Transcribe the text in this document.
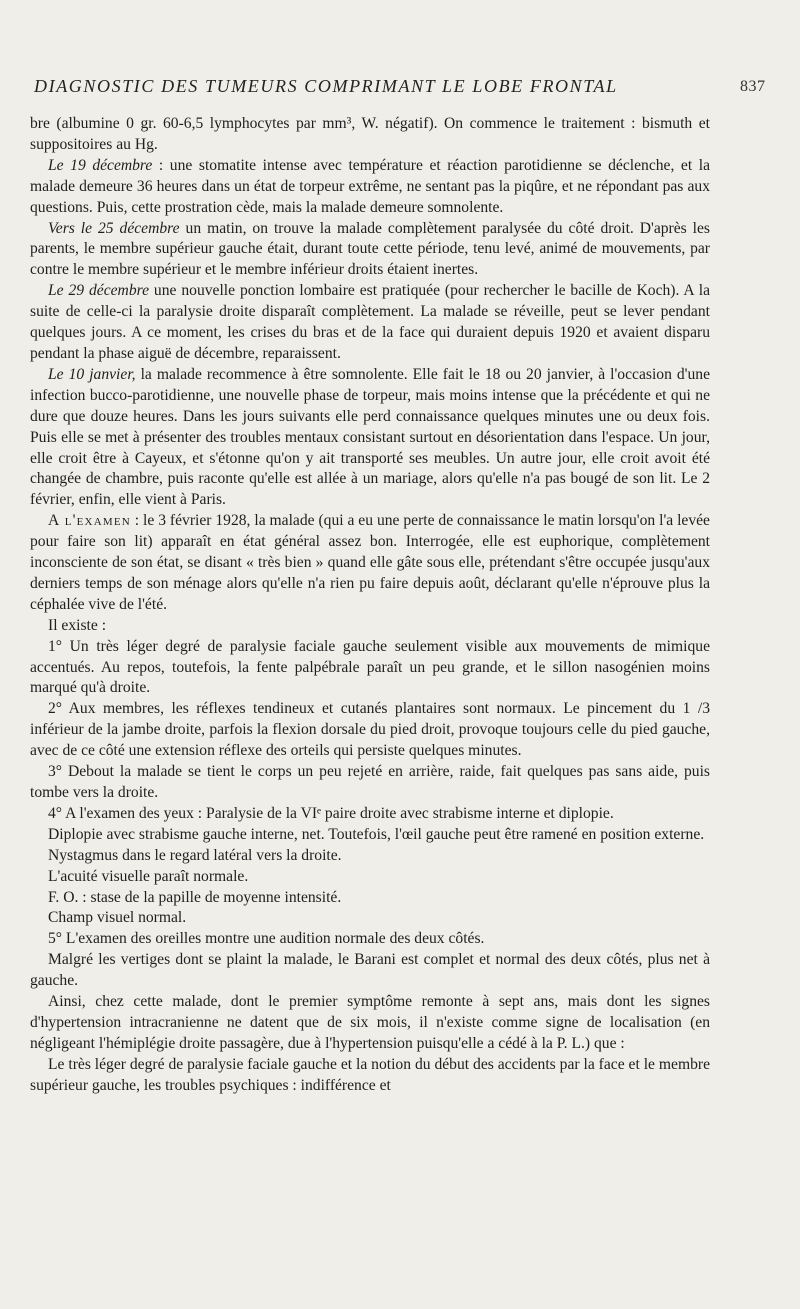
DIAGNOSTIC DES TUMEURS COMPRIMANT LE LOBE FRONTAL	837

bre (albumine 0 gr. 60-6,5 lymphocytes par mm³, W. négatif). On commence le traitement : bismuth et suppositoires au Hg.

Le 19 décembre : une stomatite intense avec température et réaction parotidienne se déclenche, et la malade demeure 36 heures dans un état de torpeur extrême, ne sentant pas la piqûre, et ne répondant pas aux questions. Puis, cette prostration cède, mais la malade demeure somnolente.

Vers le 25 décembre un matin, on trouve la malade complètement paralysée du côté droit. D'après les parents, le membre supérieur gauche était, durant toute cette période, tenu levé, animé de mouvements, par contre le membre supérieur et le membre inférieur droits étaient inertes.

Le 29 décembre une nouvelle ponction lombaire est pratiquée (pour rechercher le bacille de Koch). A la suite de celle-ci la paralysie droite disparaît complètement. La malade se réveille, peut se lever pendant quelques jours. A ce moment, les crises du bras et de la face qui duraient depuis 1920 et avaient disparu pendant la phase aiguë de décembre, reparaissent.

Le 10 janvier, la malade recommence à être somnolente. Elle fait le 18 ou 20 janvier, à l'occasion d'une infection bucco-parotidienne, une nouvelle phase de torpeur, mais moins intense que la précédente et qui ne dure que douze heures. Dans les jours suivants elle perd connaissance quelques minutes une ou deux fois. Puis elle se met à présenter des troubles mentaux consistant surtout en désorientation dans l'espace. Un jour, elle croit être à Cayeux, et s'étonne qu'on y ait transporté ses meubles. Un autre jour, elle croit avoit été changée de chambre, puis raconte qu'elle est allée à un mariage, alors qu'elle n'a pas bougé de son lit. Le 2 février, enfin, elle vient à Paris.

A l'examen : le 3 février 1928, la malade (qui a eu une perte de connaissance le matin lorsqu'on l'a levée pour faire son lit) apparaît en état général assez bon. Interrogée, elle est euphorique, complètement inconsciente de son état, se disant « très bien » quand elle gâte sous elle, prétendant s'être occupée jusqu'aux derniers temps de son ménage alors qu'elle n'a rien pu faire depuis août, déclarant qu'elle n'éprouve plus la céphalée vive de l'été.

Il existe :

1° Un très léger degré de paralysie faciale gauche seulement visible aux mouvements de mimique accentués. Au repos, toutefois, la fente palpébrale paraît un peu grande, et le sillon nasogénien moins marqué qu'à droite.

2° Aux membres, les réflexes tendineux et cutanés plantaires sont normaux. Le pincement du 1 /3 inférieur de la jambe droite, parfois la flexion dorsale du pied droit, provoque toujours celle du pied gauche, avec de ce côté une extension réflexe des orteils qui persiste quelques minutes.

3° Debout la malade se tient le corps un peu rejeté en arrière, raide, fait quelques pas sans aide, puis tombe vers la droite.

4° A l'examen des yeux : Paralysie de la VIᵉ paire droite avec strabisme interne et diplopie.

Diplopie avec strabisme gauche interne, net. Toutefois, l'œil gauche peut être ramené en position externe.

Nystagmus dans le regard latéral vers la droite.

L'acuité visuelle paraît normale.

F. O. : stase de la papille de moyenne intensité.

Champ visuel normal.

5° L'examen des oreilles montre une audition normale des deux côtés.

Malgré les vertiges dont se plaint la malade, le Barani est complet et normal des deux côtés, plus net à gauche.

Ainsi, chez cette malade, dont le premier symptôme remonte à sept ans, mais dont les signes d'hypertension intracranienne ne datent que de six mois, il n'existe comme signe de localisation (en négligeant l'hémiplégie droite passagère, due à l'hypertension puisqu'elle a cédé à la P. L.) que :

Le très léger degré de paralysie faciale gauche et la notion du début des accidents par la face et le membre supérieur gauche, les troubles psychiques : indifférence et
